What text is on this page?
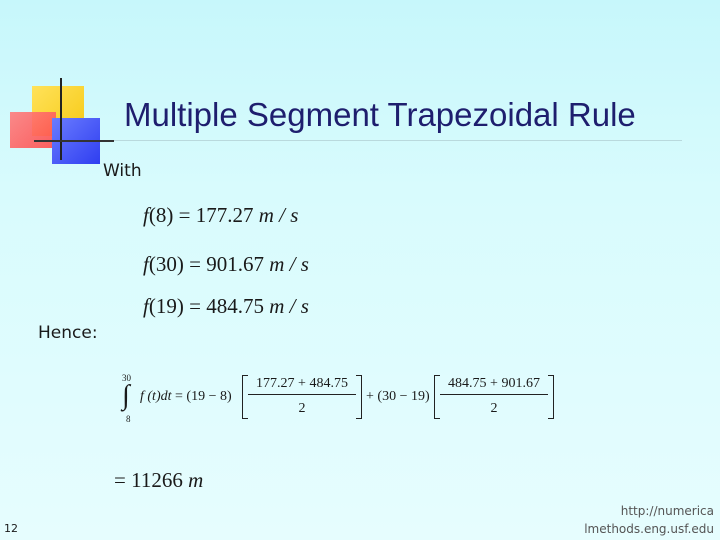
Multiple Segment Trapezoidal Rule
With
f(8) = 177.27 m / s
f(30) = 901.67 m / s
f(19) = 484.75 m / s
Hence:
30
∫
8
f $(t)dt = (19 - 8) \frac{177.27 + 484.75}{2} + (30 - 19) \frac{484.75 + 901.67}{2}$
= 11266 m
12
http://numerica
lmethods.eng.usf.edu
